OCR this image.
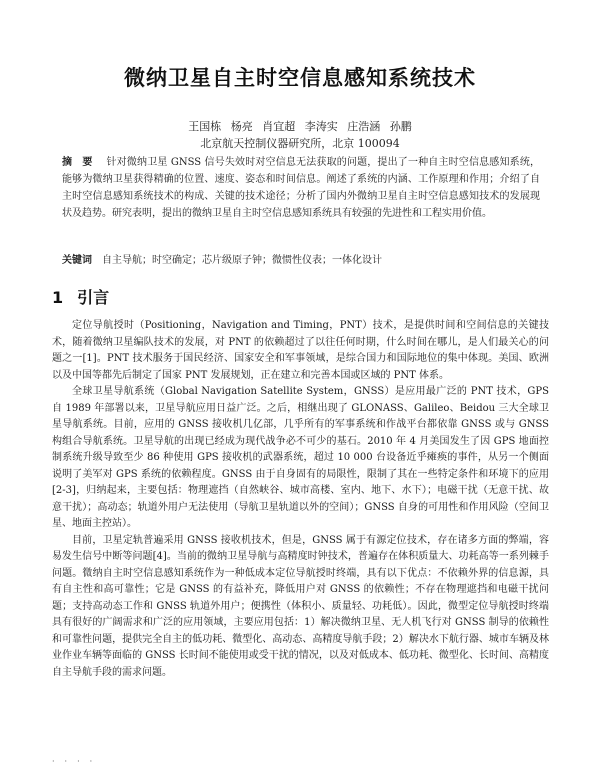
微纳卫星自主时空信息感知系统技术
王国栋 杨亮 肖宜超 李涛实 庄浩涵 孙鹏
北京航天控制仪器研究所，北京 100094
摘　要 针对微纳卫星 GNSS 信号失效时对空信息无法获取的问题，提出了一种自主时空信息感知系统，能够为微纳卫星获得精确的位置、速度、姿态和时间信息。阐述了系统的内涵、工作原理和作用；介绍了自主时空信息感知系统技术的构成、关键的技术途径；分析了国内外微纳卫星自主时空信息感知技术的发展现状及趋势。研究表明，提出的微纳卫星自主时空信息感知系统具有较强的先进性和工程实用价值。
关键词 自主导航；时空确定；芯片级原子钟；微惯性仪表；一体化设计
1 引言

定位导航授时（Positioning，Navigation and Timing，PNT）技术，是提供时间和空间信息的关键技术，随着微纳卫星编队技术的发展，对 PNT 的依赖超过了以往任何时期，什么时间在哪儿，是人们最关心的问题之一[1]。PNT 技术服务于国民经济、国家安全和军事领域，是综合国力和国际地位的集中体现。美国、欧洲以及中国等都先后制定了国家 PNT 发展规划，正在建立和完善本国或区域的 PNT 体系。

全球卫星导航系统（Global Navigation Satellite System，GNSS）是应用最广泛的 PNT 技术，GPS 自 1989 年部署以来，卫星导航应用日益广泛。之后，相继出现了 GLONASS、Galileo、Beidou 三大全球卫星导航系统。目前，应用的 GNSS 接收机几亿部，几乎所有的军事系统和作战平台都依靠 GNSS 或与 GNSS 构组合导航系统。卫星导航的出现已经成为现代战争必不可少的基石。2010 年 4 月美国发生了因 GPS 地面控制系统升级导致至少 86 种使用 GPS 接收机的武器系统，超过 10 000 台设备近乎瘫痪的事件，从另一个侧面说明了美军对 GPS 系统的依赖程度。GNSS 由于自身固有的局限性，限制了其在一些特定条件和环境下的应用[2-3]，归纳起来，主要包括：物理遮挡（自然峡谷、城市高楼、室内、地下、水下）；电磁干扰（无意干扰、故意干扰）；高动态；轨道外用户无法使用（导航卫星轨道以外的空间）；GNSS 自身的可用性和作用风险（空间卫星、地面主控站）。

目前，卫星定轨普遍采用 GNSS 接收机技术，但是，GNSS 属于有源定位技术，存在诸多方面的弊端，容易发生信号中断等问题[4]。当前的微纳卫星导航与高精度时钟技术，普遍存在体积质量大、功耗高等一系列棘手问题。微纳自主时空信息感知系统作为一种低成本定位导航授时终端，具有以下优点：不依赖外界的信息源，具有自主性和高可靠性；它是 GNSS 的有益补充，降低用户对 GNSS 的依赖性；不存在物理遮挡和电磁干扰问题；支持高动态工作和 GNSS 轨道外用户；便携性（体积小、质量轻、功耗低）。因此，微型定位导航授时终端具有很好的广阔需求和广泛的应用领域，主要应用包括：1）解决微纳卫星、无人机飞行对 GNSS 制导的依赖性和可靠性问题，提供完全自主的低功耗、微型化、高动态、高精度导航手段；2）解决水下航行器、城市车辆及林业作业车辆等面临的 GNSS 长时间不能使用或受干扰的情况，以及对低成本、低功耗、微型化、长时间、高精度自主导航手段的需求问题。

·　·　·　·
